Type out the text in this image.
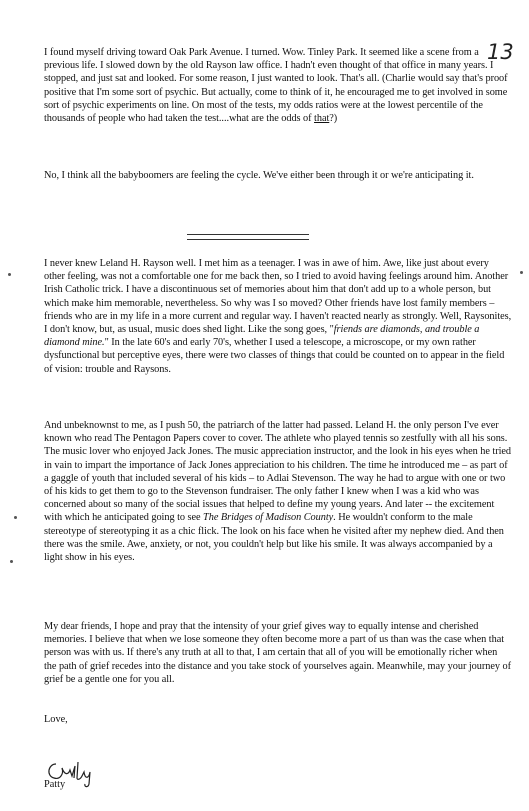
13

I found myself driving toward Oak Park Avenue. I turned. Wow. Tinley Park. It seemed like a scene from a previous life. I slowed down by the old Rayson law office. I hadn't even thought of that office in many years. I stopped, and just sat and looked. For some reason, I just wanted to look. That's all. (Charlie would say that's proof positive that I'm some sort of psychic. But actually, come to think of it, he encouraged me to get involved in some sort of psychic experiments on line. On most of the tests, my odds ratios were at the lowest percentile of the thousands of people who had taken the test....what are the odds of that?)

No, I think all the babyboomers are feeling the cycle. We've either been through it or we're anticipating it.

I never knew Leland H. Rayson well. I met him as a teenager. I was in awe of him. Awe, like just about every other feeling, was not a comfortable one for me back then, so I tried to avoid having feelings around him. Another Irish Catholic trick. I have a discontinuous set of memories about him that don't add up to a whole person, but which make him memorable, nevertheless. So why was I so moved? Other friends have lost family members – friends who are in my life in a more current and regular way. I haven't reacted nearly as strongly. Well, Raysonites, I don't know, but, as usual, music does shed light. Like the song goes, "friends are diamonds, and trouble a diamond mine." In the late 60's and early 70's, whether I used a telescope, a microscope, or my own rather dysfunctional but perceptive eyes, there were two classes of things that could be counted on to appear in the field of vision: trouble and Raysons.

And unbeknownst to me, as I push 50, the patriarch of the latter had passed. Leland H. the only person I've ever known who read The Pentagon Papers cover to cover. The athlete who played tennis so zestfully with all his sons. The music lover who enjoyed Jack Jones. The music appreciation instructor, and the look in his eyes when he tried in vain to impart the importance of Jack Jones appreciation to his children. The time he introduced me – as part of a gaggle of youth that included several of his kids – to Adlai Stevenson. The way he had to argue with one or two of his kids to get them to go to the Stevenson fundraiser. The only father I knew when I was a kid who was concerned about so many of the social issues that helped to define my young years. And later -- the excitement with which he anticipated going to see The Bridges of Madison County. He wouldn't conform to the male stereotype of stereotyping it as a chic flick. The look on his face when he visited after my nephew died. And then there was the smile. Awe, anxiety, or not, you couldn't help but like his smile. It was always accompanied by a light show in his eyes.

My dear friends, I hope and pray that the intensity of your grief gives way to equally intense and cherished memories. I believe that when we lose someone they often become more a part of us than was the case when that person was with us. If there's any truth at all to that, I am certain that all of you will be emotionally richer when the path of grief recedes into the distance and you take stock of yourselves again. Meanwhile, may your journey of grief be a gentle one for you all.

Love,
Patty
